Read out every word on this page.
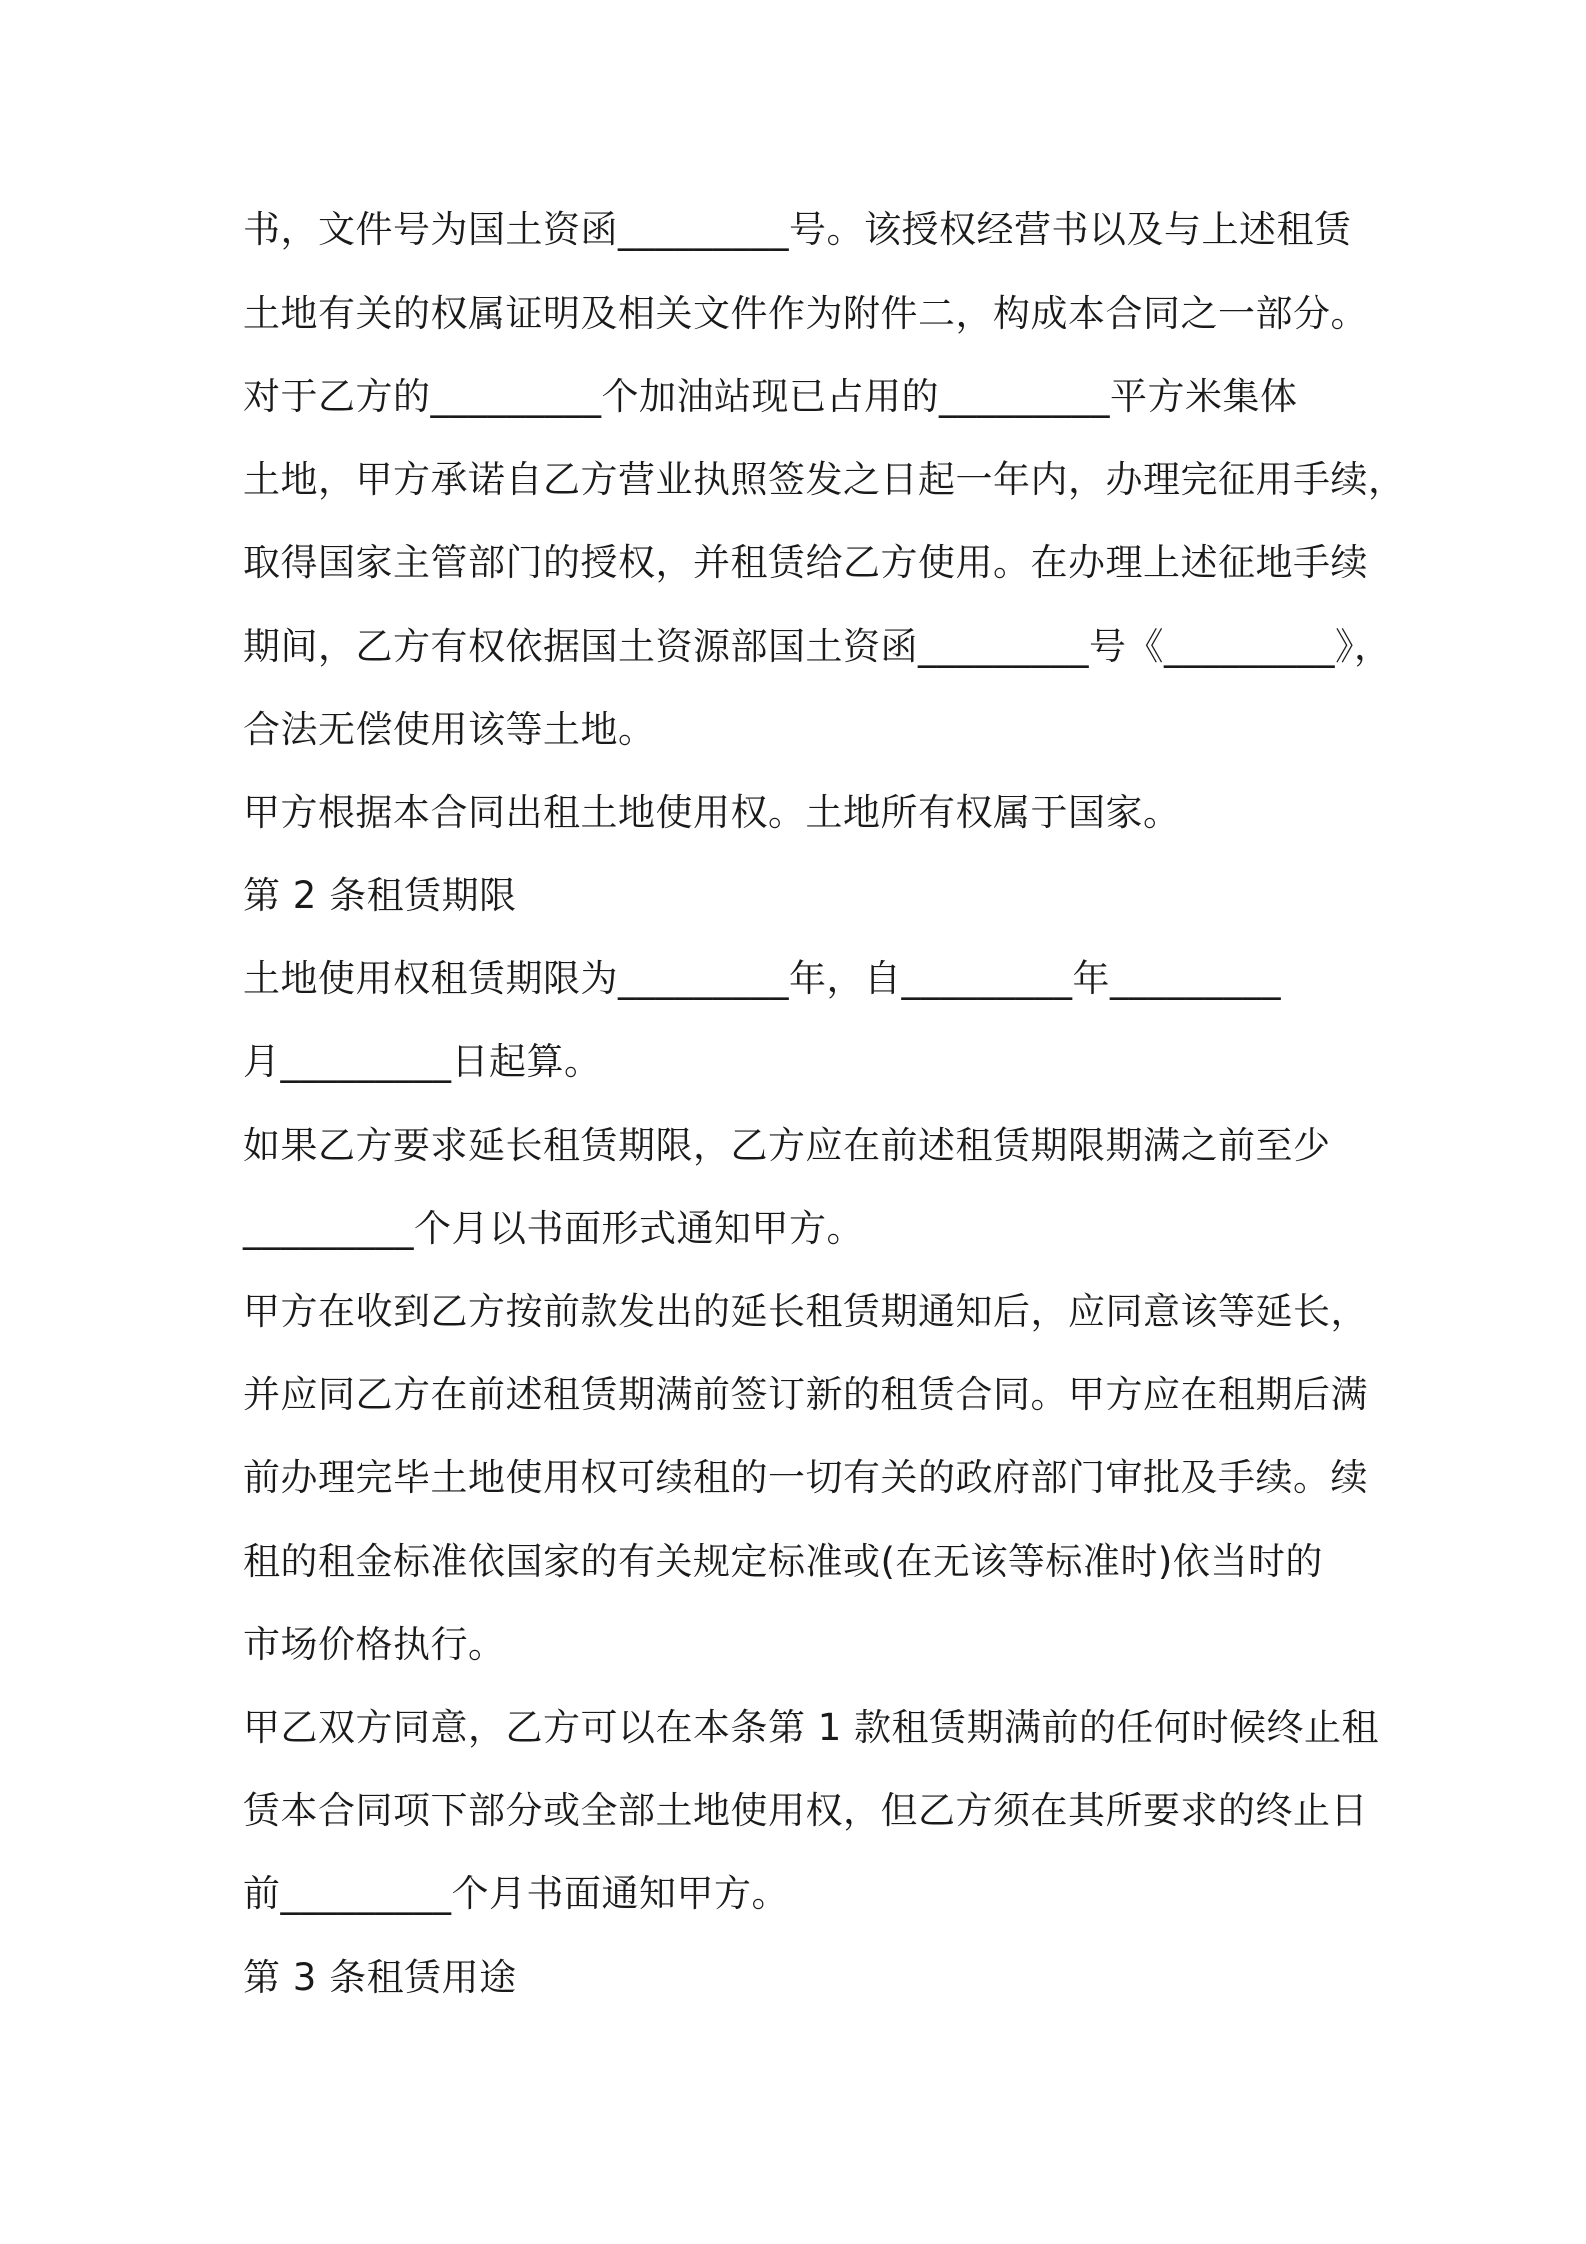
书，文件号为国土资函_________号。该授权经营书以及与上述租赁

土地有关的权属证明及相关文件作为附件二，构成本合同之一部分。

对于乙方的_________个加油站现已占用的_________平方米集体

土地，甲方承诺自乙方营业执照签发之日起一年内，办理完征用手续，

取得国家主管部门的授权，并租赁给乙方使用。在办理上述征地手续

期间，乙方有权依据国土资源部国土资函_________号《_________》，

合法无偿使用该等土地。

甲方根据本合同出租土地使用权。土地所有权属于国家。

第 2 条租赁期限

土地使用权租赁期限为_________年，自_________年_________

月_________日起算。

如果乙方要求延长租赁期限，乙方应在前述租赁期限期满之前至少

_________个月以书面形式通知甲方。

甲方在收到乙方按前款发出的延长租赁期通知后，应同意该等延长，

并应同乙方在前述租赁期满前签订新的租赁合同。甲方应在租期后满

前办理完毕土地使用权可续租的一切有关的政府部门审批及手续。续

租的租金标准依国家的有关规定标准或(在无该等标准时)依当时的

市场价格执行。

甲乙双方同意，乙方可以在本条第 1 款租赁期满前的任何时候终止租

赁本合同项下部分或全部土地使用权，但乙方须在其所要求的终止日

前_________个月书面通知甲方。

第 3 条租赁用途
